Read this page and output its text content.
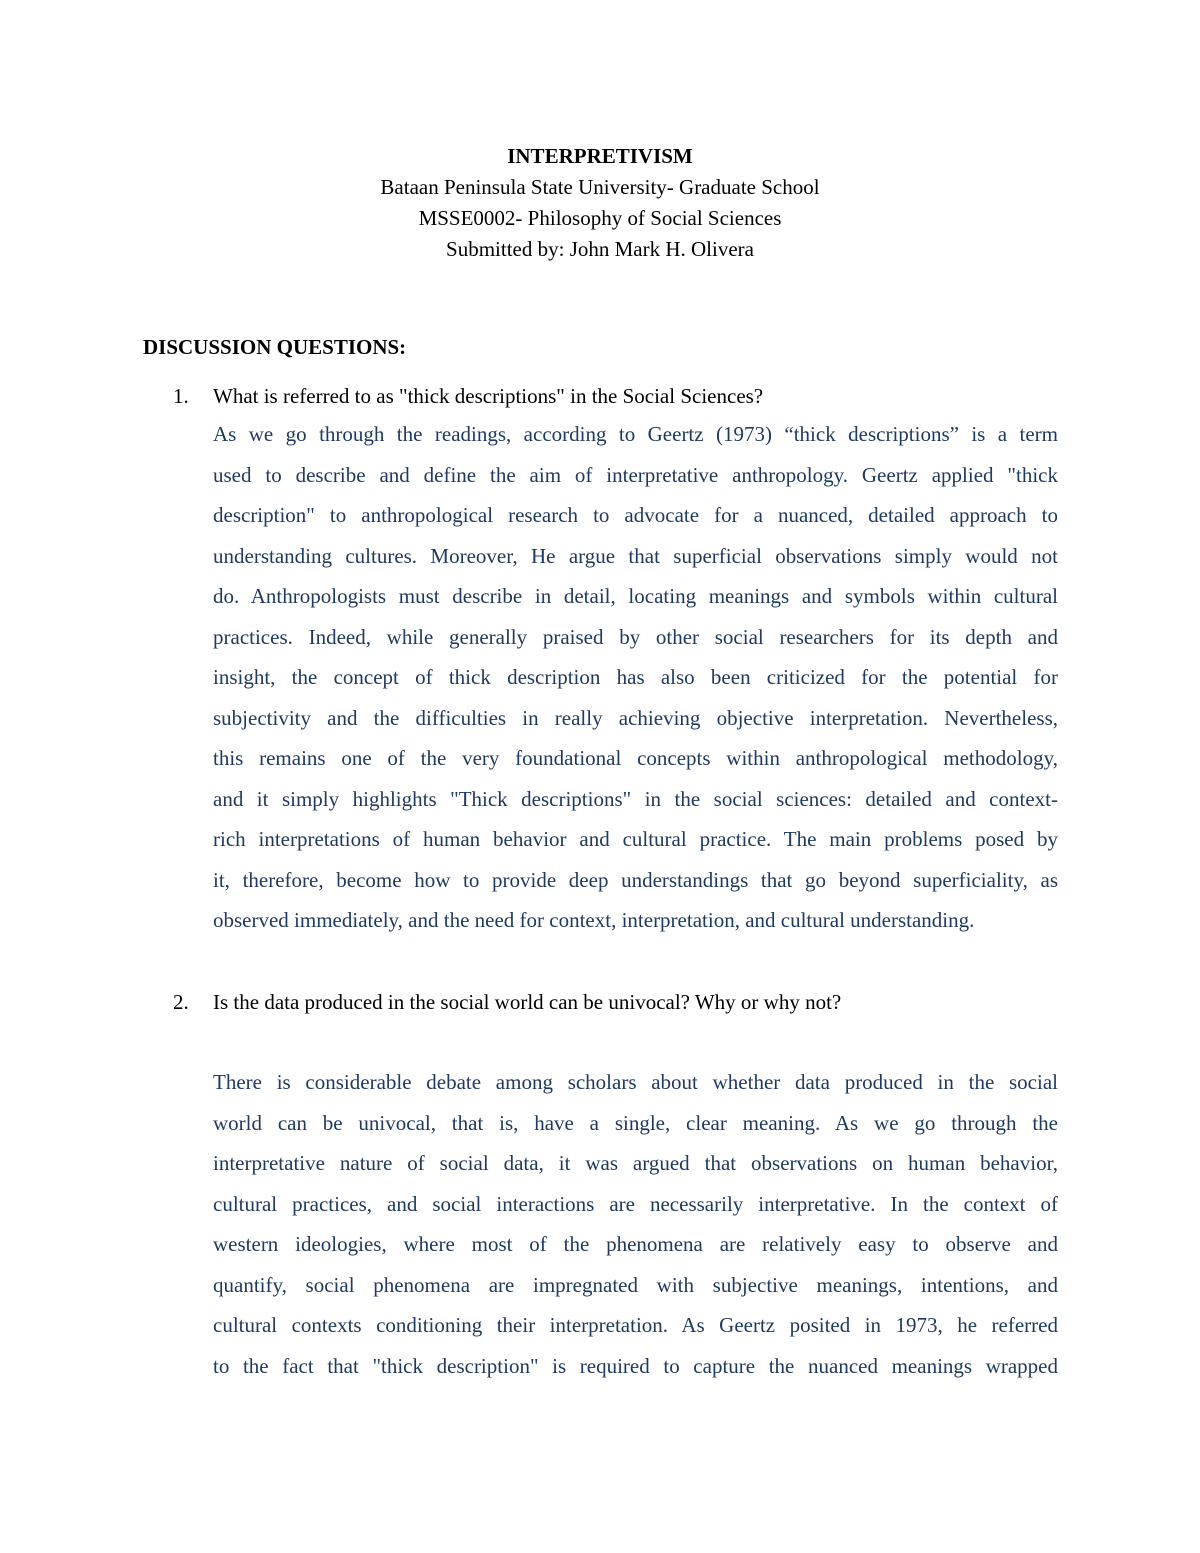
INTERPRETIVISM
Bataan Peninsula State University- Graduate School
MSSE0002- Philosophy of Social Sciences
Submitted by: John Mark H. Olivera
DISCUSSION QUESTIONS:
1. What is referred to as "thick descriptions" in the Social Sciences?
As we go through the readings, according to Geertz (1973) “thick descriptions” is a term
used to describe and define the aim of interpretative anthropology. Geertz applied "thick
description" to anthropological research to advocate for a nuanced, detailed approach to
understanding cultures. Moreover, He argue that superficial observations simply would not
do. Anthropologists must describe in detail, locating meanings and symbols within cultural
practices. Indeed, while generally praised by other social researchers for its depth and
insight, the concept of thick description has also been criticized for the potential for
subjectivity and the difficulties in really achieving objective interpretation. Nevertheless,
this remains one of the very foundational concepts within anthropological methodology,
and it simply highlights "Thick descriptions" in the social sciences: detailed and context-
rich interpretations of human behavior and cultural practice. The main problems posed by
it, therefore, become how to provide deep understandings that go beyond superficiality, as
observed immediately, and the need for context, interpretation, and cultural understanding.
2. Is the data produced in the social world can be univocal? Why or why not?
There is considerable debate among scholars about whether data produced in the social
world can be univocal, that is, have a single, clear meaning. As we go through the
interpretative nature of social data, it was argued that observations on human behavior,
cultural practices, and social interactions are necessarily interpretative. In the context of
western ideologies, where most of the phenomena are relatively easy to observe and
quantify, social phenomena are impregnated with subjective meanings, intentions, and
cultural contexts conditioning their interpretation. As Geertz posited in 1973, he referred
to the fact that "thick description" is required to capture the nuanced meanings wrapped
